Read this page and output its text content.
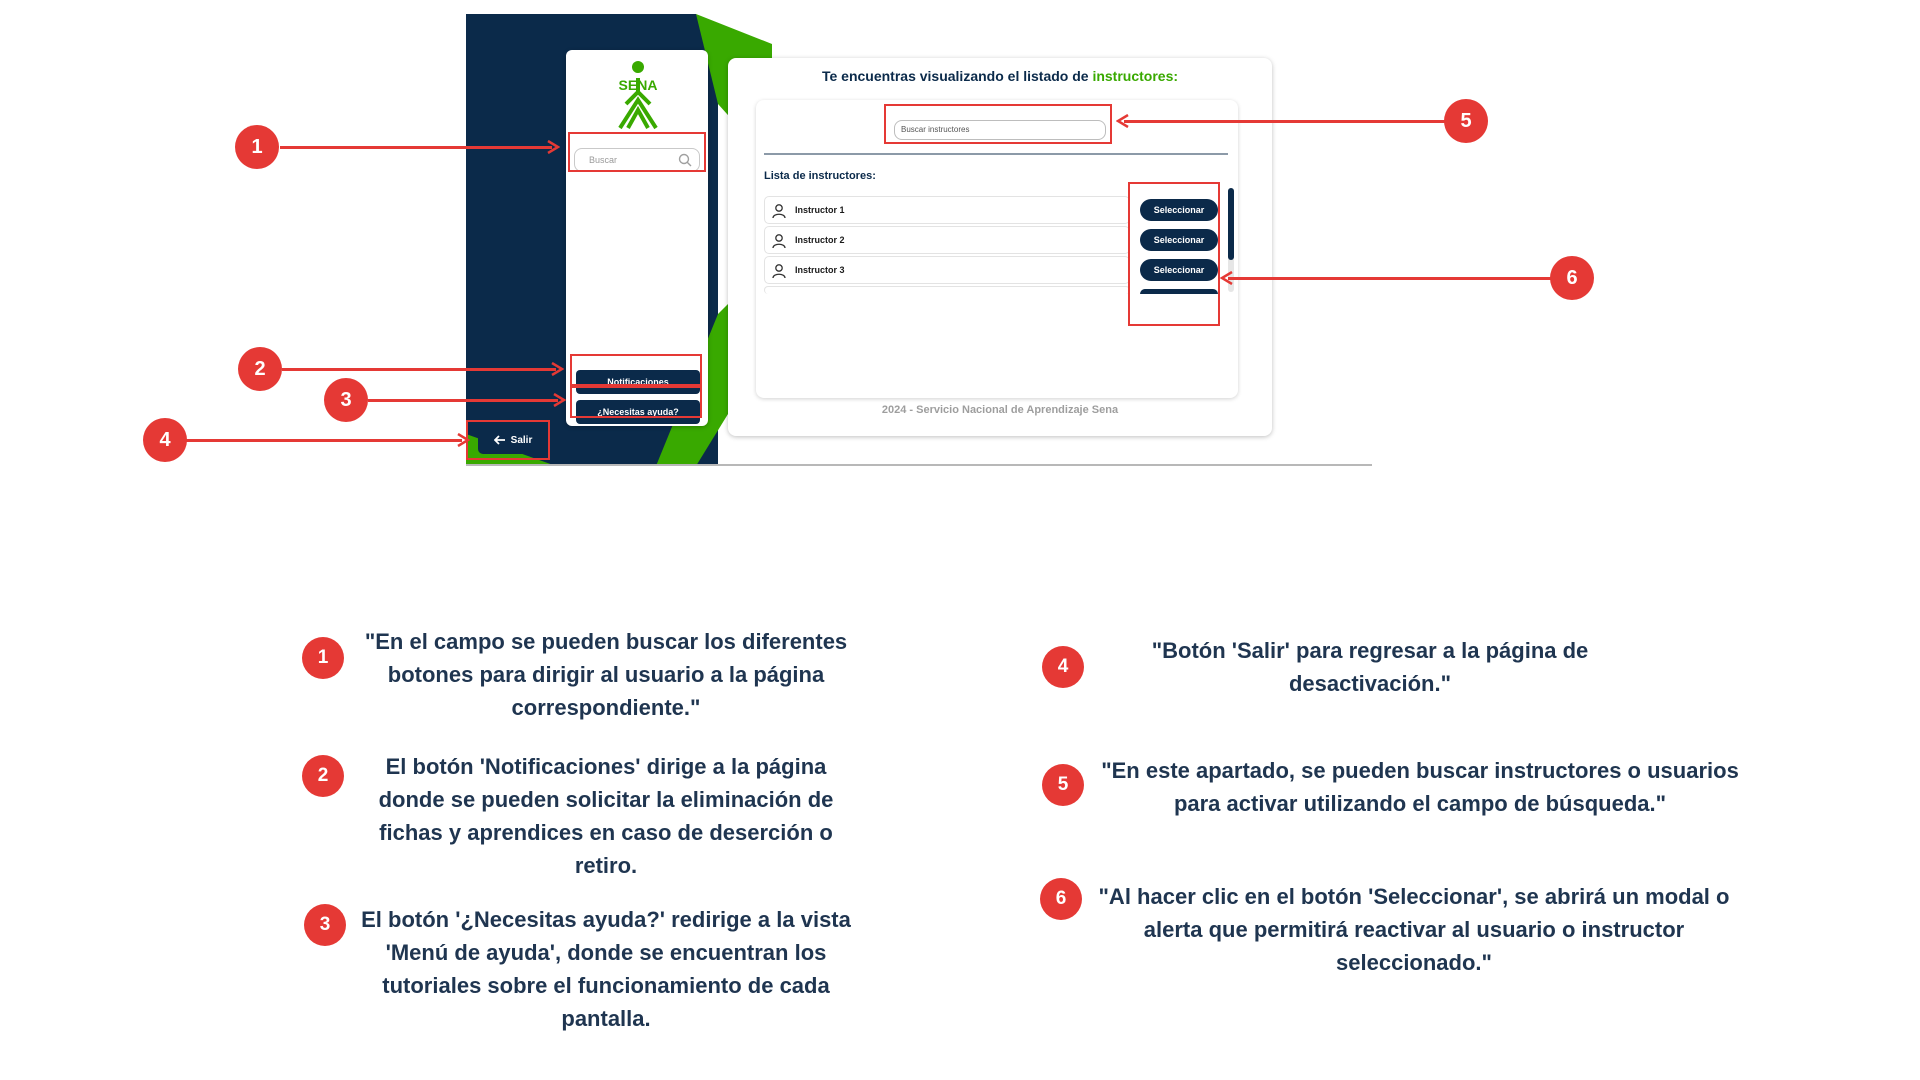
SENA
Buscar
Notificaciones
¿Necesitas ayuda?
Salir
Te encuentras visualizando el listado de instructores:
Buscar instructores
Lista de instructores:
Instructor 1	Seleccionar
Instructor 2	Seleccionar
Instructor 3	Seleccionar
2024 - Servicio Nacional de Aprendizaje Sena
1
2
3
4
5
6
1
"En el campo se pueden buscar los diferentes botones para dirigir al usuario a la página correspondiente."
2	El botón 'Notificaciones' dirige a la página donde se pueden solicitar la eliminación de fichas y aprendices en caso de deserción o retiro.
3	El botón '¿Necesitas ayuda?' redirige a la vista 'Menú de ayuda', donde se encuentran los tutoriales sobre el funcionamiento de cada pantalla.
4
"Botón 'Salir' para regresar a la página de desactivación."
5
"En este apartado, se pueden buscar instructores o usuarios para activar utilizando el campo de búsqueda."
6	"Al hacer clic en el botón 'Seleccionar', se abrirá un modal o alerta que permitirá reactivar al usuario o instructor seleccionado."
